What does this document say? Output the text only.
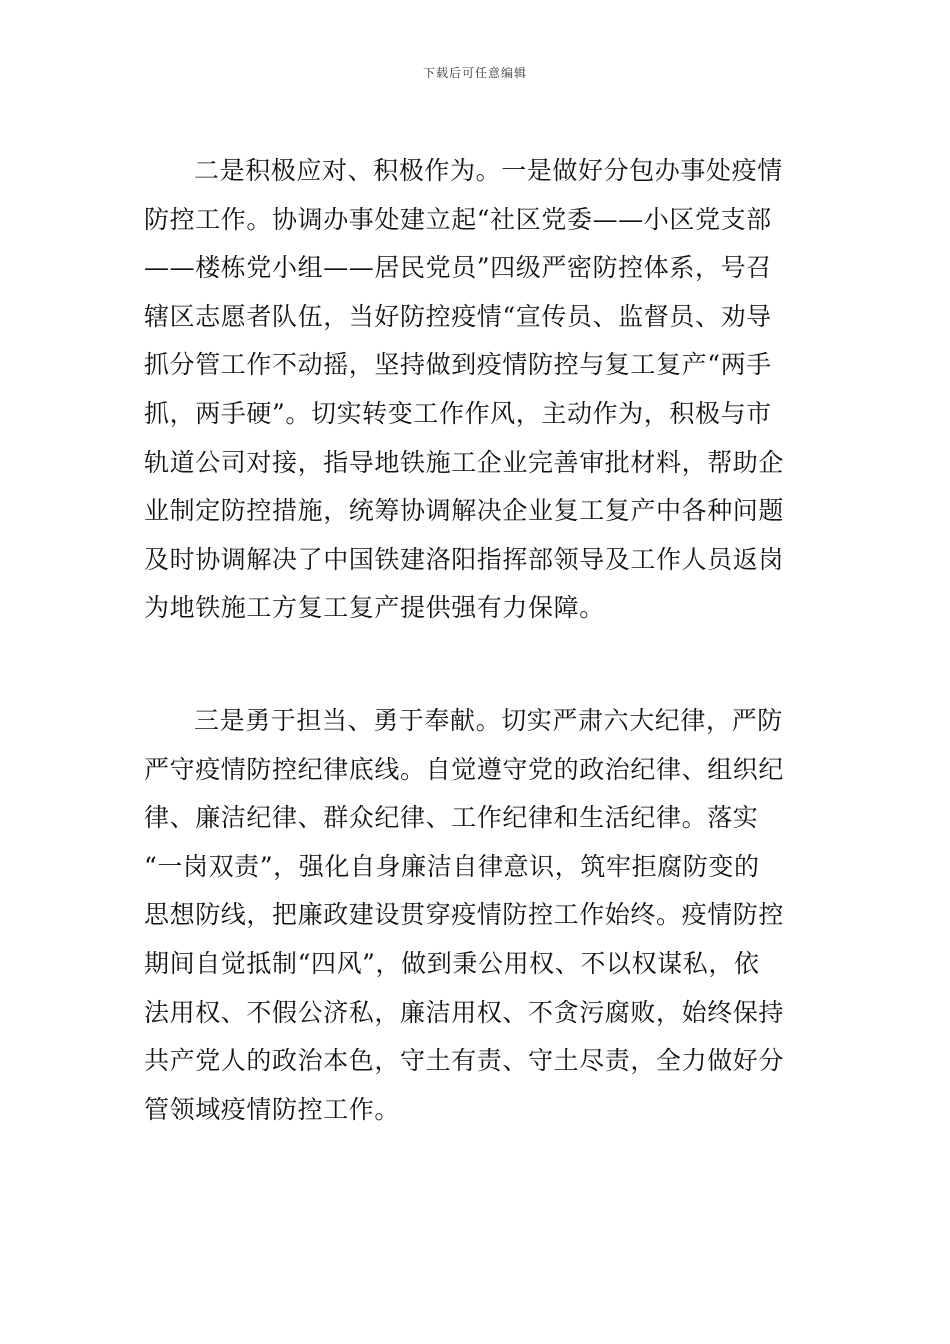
下载后可任意编辑
二是积极应对、积极作为。一是做好分包办事处疫情
防控工作。协调办事处建立起“社区党委——小区党支部
——楼栋党小组——居民党员”四级严密防控体系，号召
辖区志愿者队伍，当好防控疫情“宣传员、监督员、劝导
抓分管工作不动摇，坚持做到疫情防控与复工复产“两手
抓，两手硬”。切实转变工作作风，主动作为，积极与市
轨道公司对接，指导地铁施工企业完善审批材料，帮助企
业制定防控措施，统筹协调解决企业复工复产中各种问题
及时协调解决了中国铁建洛阳指挥部领导及工作人员返岗
为地铁施工方复工复产提供强有力保障。
三是勇于担当、勇于奉献。切实严肃六大纪律，严防
严守疫情防控纪律底线。自觉遵守党的政治纪律、组织纪
律、廉洁纪律、群众纪律、工作纪律和生活纪律。落实
“一岗双责”，强化自身廉洁自律意识，筑牢拒腐防变的
思想防线，把廉政建设贯穿疫情防控工作始终。疫情防控
期间自觉抵制“四风”，做到秉公用权、不以权谋私，依
法用权、不假公济私，廉洁用权、不贪污腐败，始终保持
共产党人的政治本色，守土有责、守土尽责，全力做好分
管领域疫情防控工作。
